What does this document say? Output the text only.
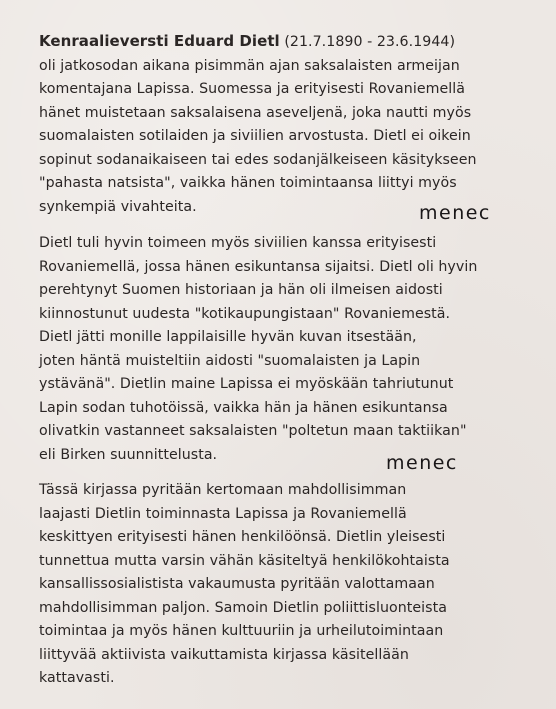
Kenraalieversti Eduard Dietl (21.7.1890 - 23.6.1944)
oli jatkosodan aikana pisimmän ajan saksalaisten armeijan
komentajana Lapissa. Suomessa ja erityisesti Rovaniemellä
hänet muistetaan saksalaisena aseveljenä, joka nautti myös
suomalaisten sotilaiden ja siviilien arvostusta. Dietl ei oikein
sopinut sodanaikaiseen tai edes sodanjälkeiseen käsitykseen
"pahasta natsista", vaikka hänen toimintaansa liittyi myös
synkempiä vivahteita.	menec
Dietl tuli hyvin toimeen myös siviilien kanssa erityisesti
Rovaniemellä, jossa hänen esikuntansa sijaitsi. Dietl oli hyvin
perehtynyt Suomen historiaan ja hän oli ilmeisen aidosti
kiinnostunut uudesta "kotikaupungistaan" Rovaniemestä.
Dietl jätti monille lappilaisille hyvän kuvan itsestään,
joten häntä muisteltiin aidosti "suomalaisten ja Lapin
ystävänä". Dietlin maine Lapissa ei myöskään tahriutunut
Lapin sodan tuhotöissä, vaikka hän ja hänen esikuntansa
olivatkin vastanneet saksalaisten "poltetun maan taktiikan"
eli Birken suunnittelusta.	menec
Tässä kirjassa pyritään kertomaan mahdollisimman
laajasti Dietlin toiminnasta Lapissa ja Rovaniemellä
keskittyen erityisesti hänen henkilöönsä. Dietlin yleisesti
tunnettua mutta varsin vähän käsiteltyä henkilökohtaista
kansallissosialistista vakaumusta pyritään valottamaan
mahdollisimman paljon. Samoin Dietlin poliittisluonteista
toimintaa ja myös hänen kulttuuriin ja urheilutoimintaan
liittyvää aktiivista vaikuttamista kirjassa käsitellään
kattavasti.
